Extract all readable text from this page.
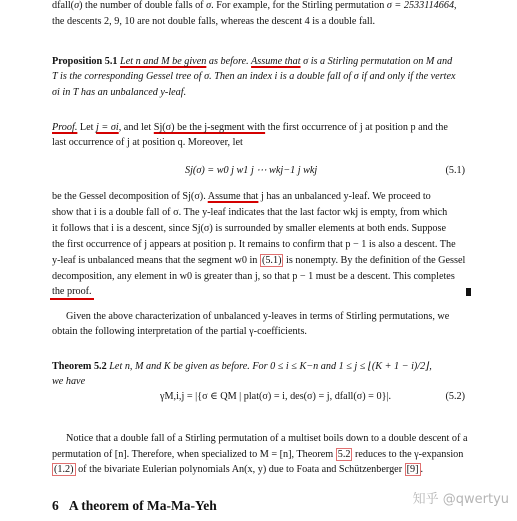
dfall(σ) the number of double falls of σ. For example, for the Stirling permutation σ = 2533114664,
the descents 2, 9, 10 are not double falls, whereas the descent 4 is a double fall.
Proposition 5.1 Let n and M be given as before. Assume that σ is a Stirling permutation on M and
T is the corresponding Gessel tree of σ. Then an index i is a double fall of σ if and only if the vertex
σi in T has an unbalanced y-leaf.
Proof. Let j = σi, and let Sj(σ) be the j-segment with the first occurrence of j at position p and the
last occurrence of j at position q. Moreover, let
Sj(σ) = w0 j w1 j ⋯ wkj−1 j wkj	(5.1)
be the Gessel decomposition of Sj(σ). Assume that j has an unbalanced y-leaf. We proceed to
show that i is a double fall of σ. The y-leaf indicates that the last factor wkj is empty, from which
it follows that i is a descent, since Sj(σ) is surrounded by smaller elements at both ends. Suppose
the first occurrence of j appears at position p. It remains to confirm that p − 1 is also a descent. The
y-leaf is unbalanced means that the segment w0 in (5.1) is nonempty. By the definition of the Gessel
decomposition, any element in w0 is greater than j, so that p − 1 must be a descent. This completes
the proof.
Given the above characterization of unbalanced y-leaves in terms of Stirling permutations, we
obtain the following interpretation of the partial γ-coefficients.
Theorem 5.2 Let n, M and K be given as before. For 0 ≤ i ≤ K−n and 1 ≤ j ≤ ⌊(K + 1 − i)/2⌋,
we have
γM,i,j = |{σ ∈ QM | plat(σ) = i, des(σ) = j, dfall(σ) = 0}|.	(5.2)
Notice that a double fall of a Stirling permutation of a multiset boils down to a double descent of a
permutation of [n]. Therefore, when specialized to M = [n], Theorem 5.2 reduces to the γ-expansion
(1.2) of the bivariate Eulerian polynomials An(x, y) due to Foata and Schützenberger [9] .
6 A theorem of Ma-Ma-Yeh	知乎 @qwertyu
